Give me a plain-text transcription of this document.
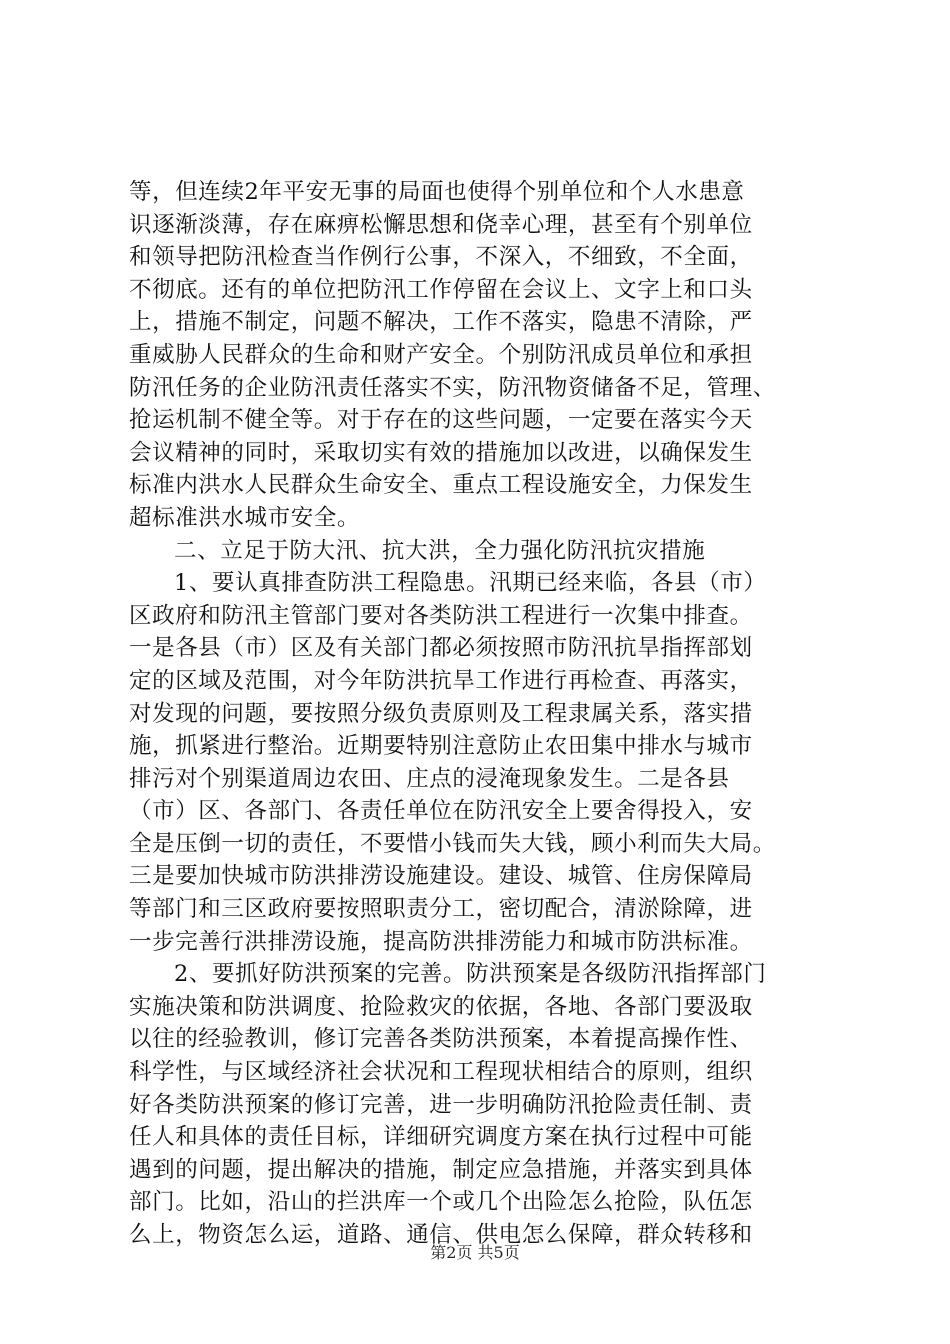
等，但连续2年平安无事的局面也使得个别单位和个人水患意
识逐渐淡薄，存在麻痹松懈思想和侥幸心理，甚至有个别单位
和领导把防汛检查当作例行公事，不深入，不细致，不全面，
不彻底。还有的单位把防汛工作停留在会议上、文字上和口头
上，措施不制定，问题不解决，工作不落实，隐患不清除，严
重威胁人民群众的生命和财产安全。个别防汛成员单位和承担
防汛任务的企业防汛责任落实不实，防汛物资储备不足，管理、
抢运机制不健全等。对于存在的这些问题，一定要在落实今天
会议精神的同时，采取切实有效的措施加以改进，以确保发生
标准内洪水人民群众生命安全、重点工程设施安全，力保发生
超标准洪水城市安全。
二、立足于防大汛、抗大洪，全力强化防汛抗灾措施
1、要认真排查防洪工程隐患。汛期已经来临，各县（市）
区政府和防汛主管部门要对各类防洪工程进行一次集中排查。
一是各县（市）区及有关部门都必须按照市防汛抗旱指挥部划
定的区域及范围，对今年防洪抗旱工作进行再检查、再落实，
对发现的问题，要按照分级负责原则及工程隶属关系，落实措
施，抓紧进行整治。近期要特别注意防止农田集中排水与城市
排污对个别渠道周边农田、庄点的浸淹现象发生。二是各县
（市）区、各部门、各责任单位在防汛安全上要舍得投入，安
全是压倒一切的责任，不要惜小钱而失大钱，顾小利而失大局。
三是要加快城市防洪排涝设施建设。建设、城管、住房保障局
等部门和三区政府要按照职责分工，密切配合，清淤除障，进
一步完善行洪排涝设施，提高防洪排涝能力和城市防洪标准。
2、要抓好防洪预案的完善。防洪预案是各级防汛指挥部门
实施决策和防洪调度、抢险救灾的依据，各地、各部门要汲取
以往的经验教训，修订完善各类防洪预案，本着提高操作性、
科学性，与区域经济社会状况和工程现状相结合的原则，组织
好各类防洪预案的修订完善，进一步明确防汛抢险责任制、责
任人和具体的责任目标，详细研究调度方案在执行过程中可能
遇到的问题，提出解决的措施，制定应急措施，并落实到具体
部门。比如，沿山的拦洪库一个或几个出险怎么抢险，队伍怎
么上，物资怎么运，道路、通信、供电怎么保障，群众转移和
第2页 共5页
